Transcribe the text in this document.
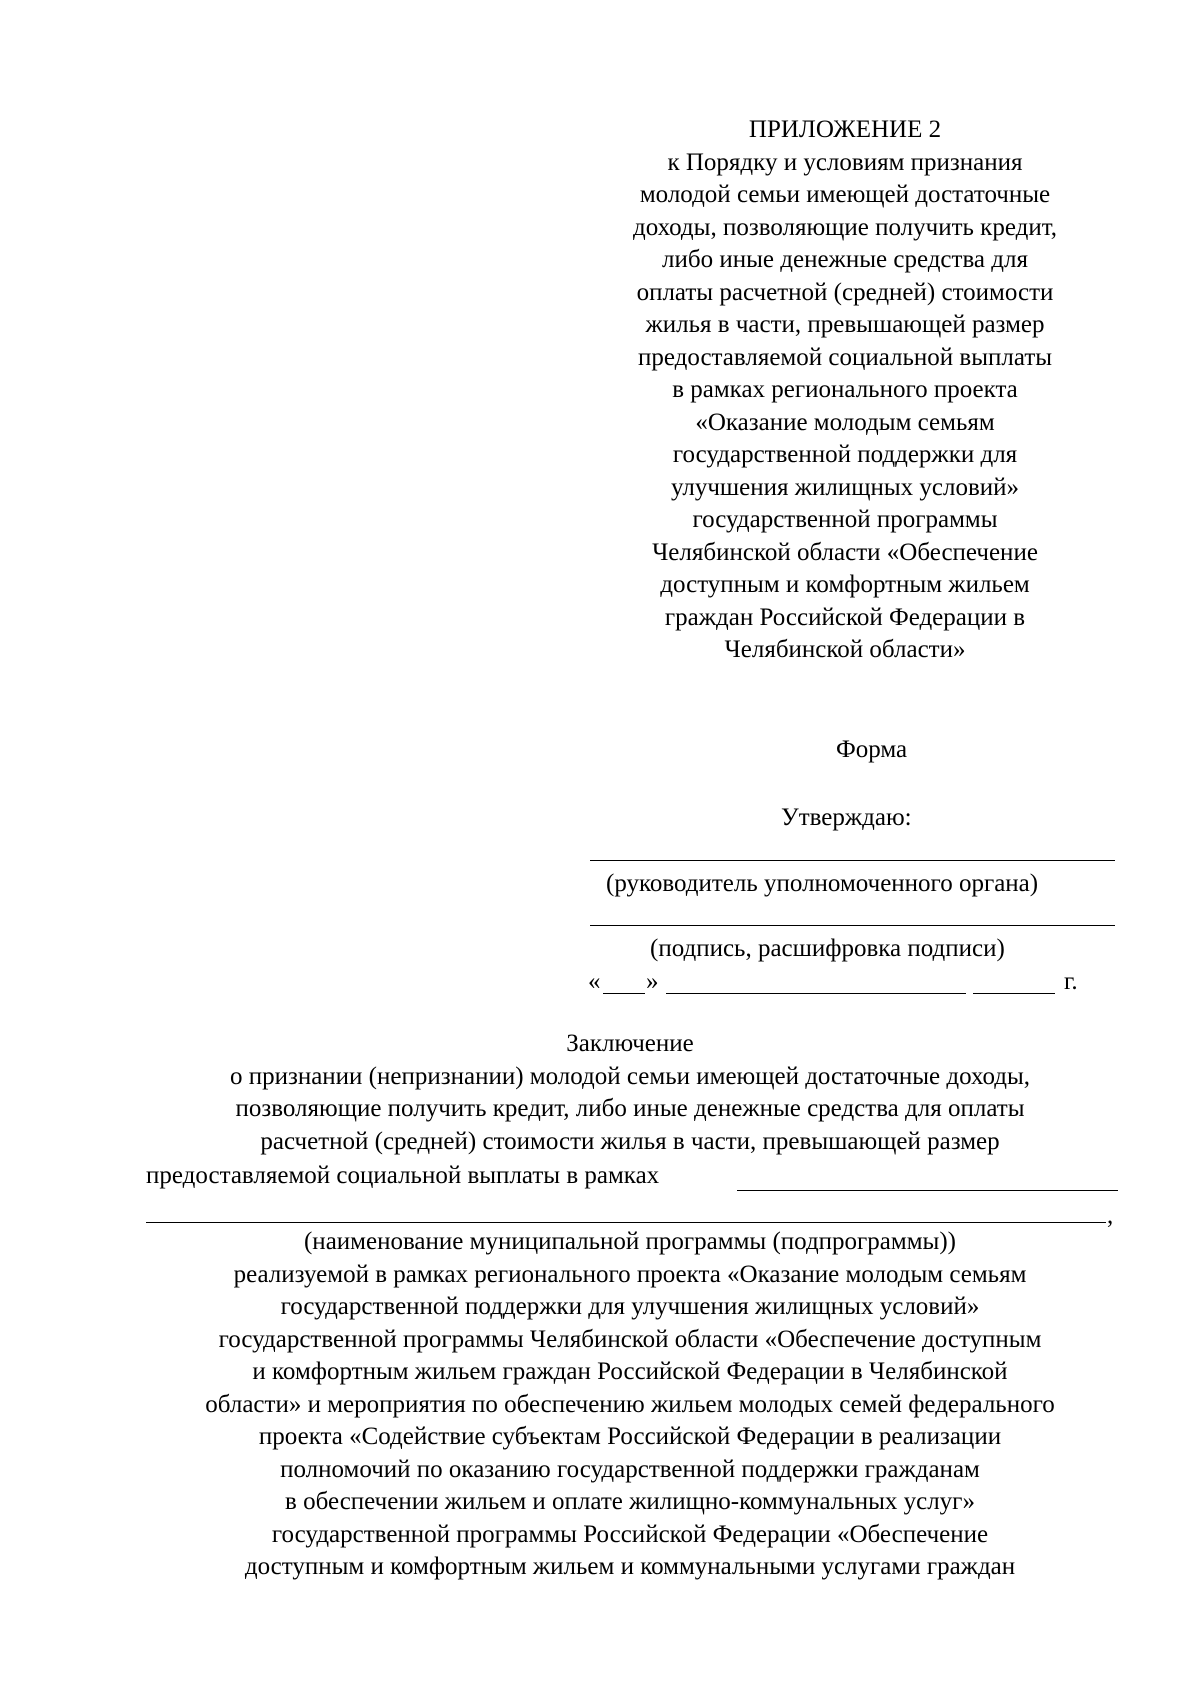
ПРИЛОЖЕНИЕ 2
к Порядку и условиям признания
молодой семьи имеющей достаточные
доходы, позволяющие получить кредит,
либо иные денежные средства для
оплаты расчетной (средней) стоимости
жилья в части, превышающей размер
предоставляемой социальной выплаты
в рамках регионального проекта
«Оказание молодым семьям
государственной поддержки для
улучшения жилищных условий»
государственной программы
Челябинской области «Обеспечение
доступным и комфортным жильем
граждан Российской Федерации в
Челябинской области»
Форма
Утверждаю:
(руководитель уполномоченного органа)
(подпись, расшифровка подписи)
« »	г.
Заключение
о признании (непризнании) молодой семьи имеющей достаточные доходы,
позволяющие получить кредит, либо иные денежные средства для оплаты
расчетной (средней) стоимости жилья в части, превышающей размер
предоставляемой социальной выплаты в рамках
,
(наименование муниципальной программы (подпрограммы))
реализуемой в рамках регионального проекта «Оказание молодым семьям
государственной поддержки для улучшения жилищных условий»
государственной программы Челябинской области «Обеспечение доступным
и комфортным жильем граждан Российской Федерации в Челябинской
области» и мероприятия по обеспечению жильем молодых семей федерального
проекта «Содействие субъектам Российской Федерации в реализации
полномочий по оказанию государственной поддержки гражданам
в обеспечении жильем и оплате жилищно-коммунальных услуг»
государственной программы Российской Федерации «Обеспечение
доступным и комфортным жильем и коммунальными услугами граждан
